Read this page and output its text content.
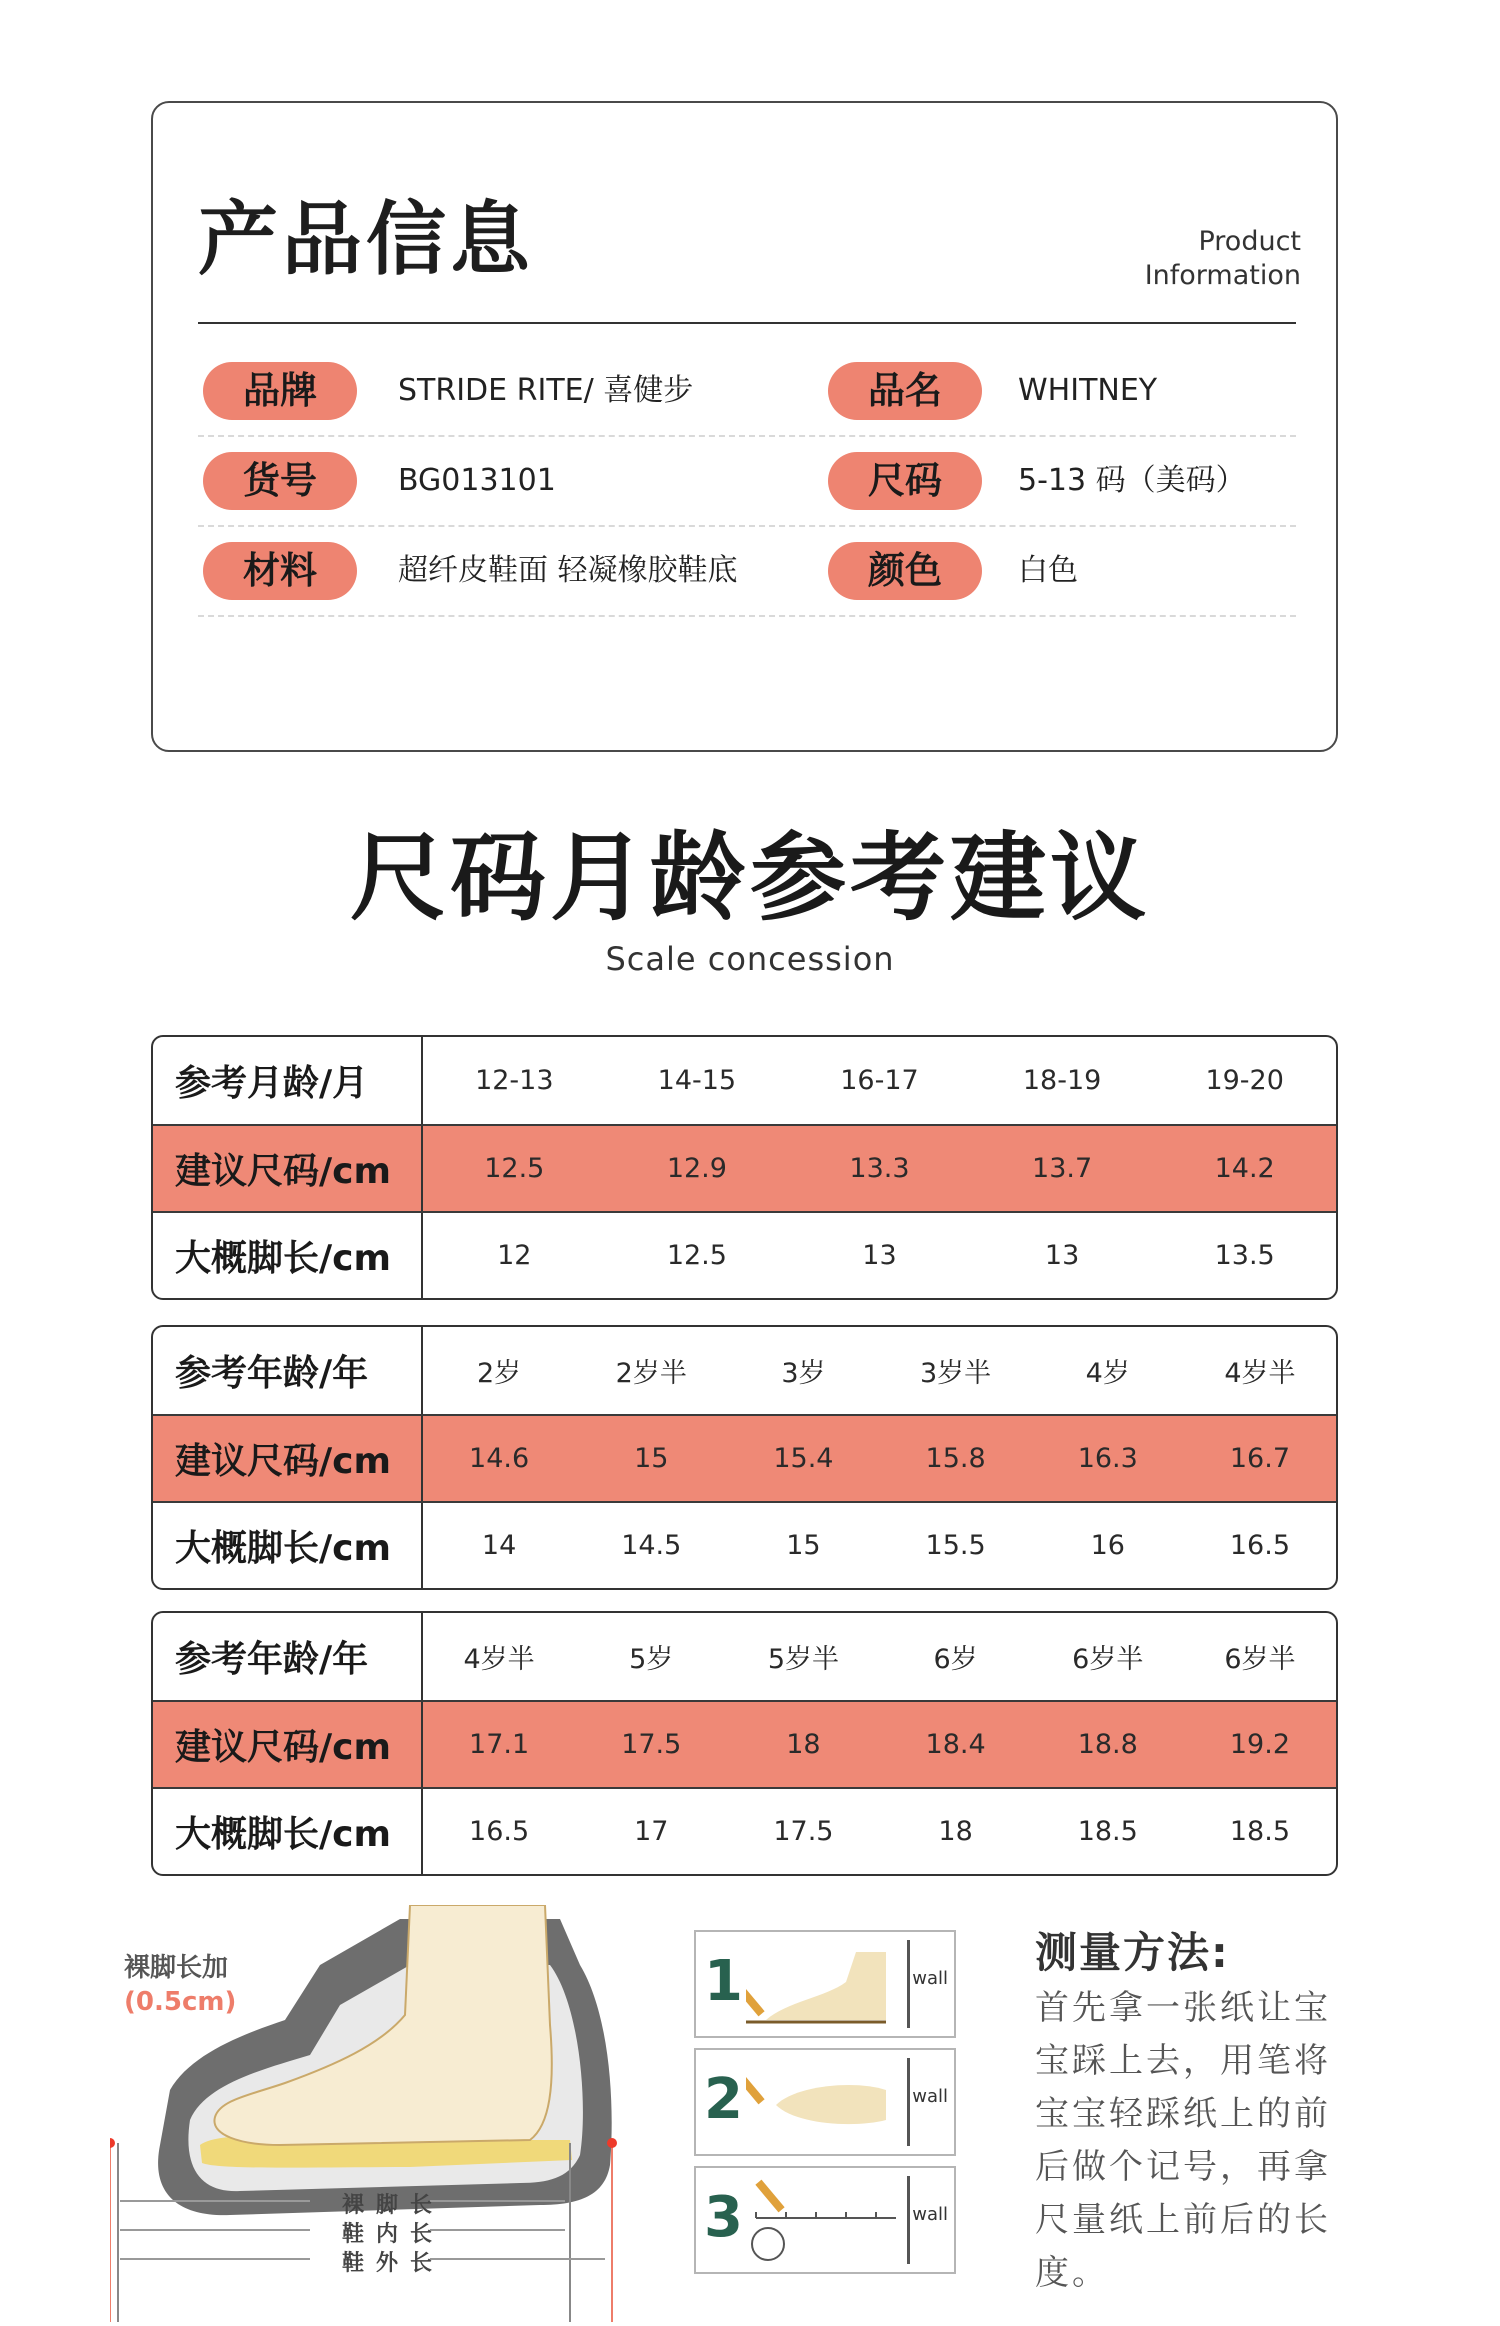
产品信息	Product
Information
品牌	STRIDE RITE/ 喜健步	品名	WHITNEY
货号	BG013101	尺码	5-13 码（美码）
材料	超纤皮鞋面 轻凝橡胶鞋底	颜色	白色
尺码月龄参考建议
Scale concession
参考月龄/月	12-13	14-15	16-17	18-19	19-20
建议尺码/cm	12.5	12.9	13.3	13.7	14.2
大概脚长/cm	12	12.5	13	13	13.5
参考年龄/年	2岁	2岁半	3岁	3岁半	4岁	4岁半
建议尺码/cm	14.6	15	15.4	15.8	16.3	16.7
大概脚长/cm	14	14.5	15	15.5	16	16.5
参考年龄/年	4岁半	5岁	5岁半	6岁	6岁半	6岁半
建议尺码/cm	17.1	17.5	18	18.4	18.8	19.2
大概脚长/cm	16.5	17	17.5	18	18.5	18.5
裸脚长加
(0.5cm)
裸脚长
鞋内长
鞋外长
1	wall
2	wall
3	wall
测量方法:
首先拿一张纸让宝宝踩上去，用笔将宝宝轻踩纸上的前后做个记号，再拿尺量纸上前后的长度。
